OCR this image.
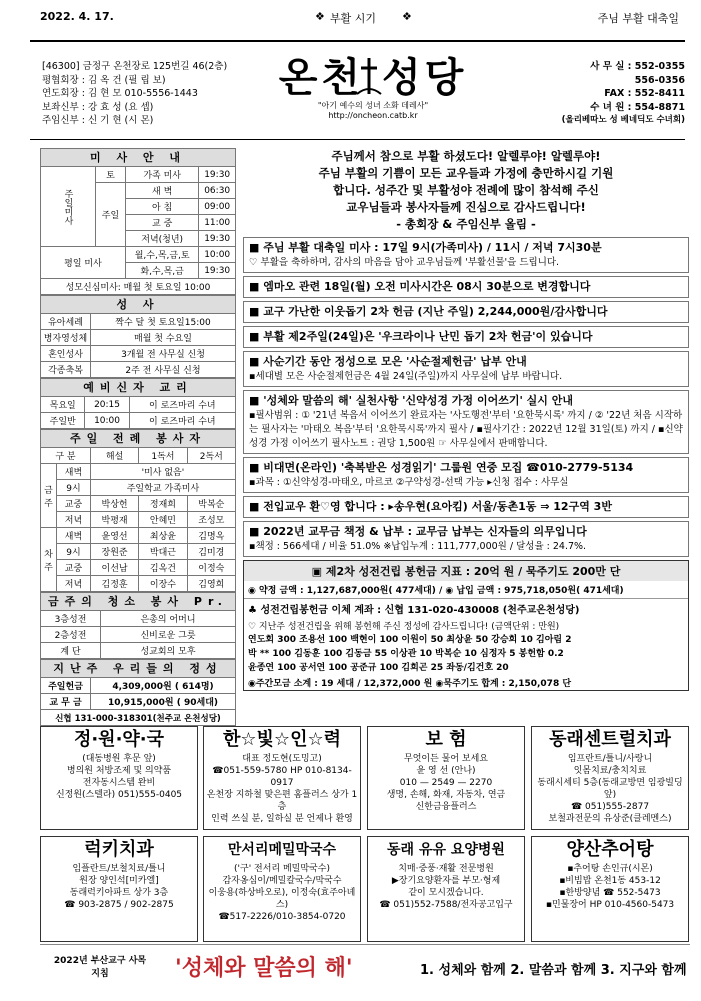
2022. 4. 17.	❖ 부활 시기 ❖	주님 부활 대축일
[46300] 금정구 온천장로 125번길 46(2층)
평협회장 : 김 옥 건 (필 립 보)
연도회장 : 김 현 모 010-5556-1443
보좌신부 : 강 효 성 (요 셉)
주임신부 : 신 기 현 (시 몬)
온천 성당
"아기 예수의 성녀 소화 데레사"
http://oncheon.catb.kr
사 무 실 : 552-0355
556-0356
FAX : 552-8411
수 녀 원 : 554-8871
(올리베따노 성 베네딕도 수녀회)
미 사 안 내
주일미사	토	가족 미사	19:30
	주일	새 벽	06:30
		아 침	09:00
		교 중	11:00
		저녁(청년)	19:30
평일 미사		월,수,목,금,토	10:00
		화,수,목,금	19:30
성모신심미사: 매월 첫 토요일 10:00			
성 사
유아세례	짝수 달 첫 토요일15:00
병자영성체	매월 첫 수요일
혼인성사	3개월 전 사무실 신청
각종축복	2주 전 사무실 신청
예비신자 교리
목요일	20:15	이 로즈마리 수녀
주일반	10:00	이 로즈마리 수녀
주일 전례 봉사자
구 분		해설	1독서	2독서
금주	새벽	'미사 없음'		
	9시	주일학교 가족미사		
	교중	박상헌	정재희	박복순
	저녁	박평재	안혜민	조성모
차주	새벽	윤영선	최상윤	김명옥
	9시	장원준	박대근	김미경
	교중	이선남	김옥건	이정숙
	저녁	김정훈	이장수	김영희
금주의 청소 봉사 Pr.
3층성전	은총의 어머니
2층성전	신비로운 그릇
계 단	성교회의 모후
지난주 우리들의 정성
주일헌금	4,309,000원 ( 614명)
교 무 금	10,915,000원 ( 90세대)
신협 131-000-318301(천주교 온천성당)	
주님께서 참으로 부활 하셨도다! 알렐루야! 알렐루야!
주님 부활의 기쁨이 모든 교우들과 가정에 충만하시길 기원
합니다. 성주간 및 부활성야 전례에 많이 참석해 주신
교우님들과 봉사자들께 진심으로 감사드립니다!
- 총회장 & 주임신부 올림 -
■ 주님 부활 대축일 미사 : 17일 9시(가족미사) / 11시 / 저녁 7시30분
♡ 부활을 축하하며, 감사의 마음을 담아 교우님들께 '부활선물'을 드립니다.
■ 엠마오 관련 18일(월) 오전 미사시간은 08시 30분으로 변경합니다
■ 교구 가난한 이웃돕기 2차 헌금 (지난 주일) 2,244,000원/감사합니다
■ 부활 제2주일(24일)은 '우크라이나 난민 돕기 2차 헌금'이 있습니다
■ 사순기간 동안 정성으로 모은 '사순절제헌금' 납부 안내
▪세대별 모은 사순절제헌금은 4월 24일(주일)까지 사무실에 납부 바랍니다.
■ '성체와 말씀의 해' 실천사항 '신약성경 가정 이어쓰기' 실시 안내
▪필사범위 : ① '21년 복음서 이어쓰기 완료자는 '사도행전'부터 '요한묵시록' 까지 / ② '22년 처음 시작하는 필사자는 '마태오 복음'부터 '요한묵시록'까지 필사 / ▪필사기간 : 2022년 12월 31일(토) 까지 / ▪신약성경 가정 이어쓰기 필사노트 : 권당 1,500원 ☞ 사무실에서 판매합니다.
■ 비대면(온라인) '축복받은 성경읽기' 그룹원 연중 모집 ☎010-2779-5134
▪과목 : ①신약성경-마태오, 마르코 ②구약성경-선택 가능 ▸신청 접수 : 사무실
■ 전입교우 환♡영 합니다 : ▸송우현(요아킴) 서울/동촌1동 ⇒ 12구역 3반
■ 2022년 교무금 책정 & 납부 : 교무금 납부는 신자들의 의무입니다
▪책정 : 566세대 / 비율 51.0% ※납입누계 : 111,777,000원 / 달성율 : 24.7%.
▣ 제2차 성전건립 봉헌금 지표 : 20억 원 / 묵주기도 200만 단
◉ 약정 금액 : 1,127,687,000원( 477세대) / ◉ 납입 금액 : 975,718,050원( 471세대)
♣ 성전건립봉헌금 이체 계좌 : 신협 131-020-430008 (천주교온천성당)
♡ 지난주 성전건립을 위해 봉헌해 주신 정성에 감사드립니다! (금액단위 : 만원)
연도회 300 조용선 100 백현이 100 이원이 50 최상윤 50 강승희 10 김아림 2
박 ** 100 김동훈 100 김동금 55 이상관 10 박복순 10 심정자 5 봉헌함 0.2
윤종연 100 공서연 100 공준규 100 김희곤 25 좌동/김건호 20
◉주간모금 소계 : 19 세대 / 12,372,000 원 ◉묵주기도 합계 : 2,150,078 단
정·원·약·국
(대동병원 후문 앞)
병의원 처방조제 및 의약품
전자동시스템 완비
신정원(스텔라) 051)555-0405
한☆빛☆인☆력
대표 정도현(도밍고)
☎051-559-5780 HP 010-8134-0917
온천장 지하철 맞은편 홈플러스 상가 1층
인력 쓰실 분, 일하실 분 언제나 환영
보 험
무엇이든 물어 보세요
윤 영 선 (안나)
010 — 2549 — 2270
생명, 손해, 화재, 자동차, 연금
신한금융플러스
동래센트럴치과
임프란트/틀니/사랑니
잇몸치료/충치치료
동래시세티 5층(동래교방면 임광빌딩앞)
☎ 051)555-2877
보철과전문의 유상준(클레멘스)
럭키치과
임플란트/보철치료/틀니
원장 양인석[미카엘]
동래럭키아파트 상가 3층
☎ 903-2875 / 902-2875
만서리메밀막국수
('구' 전서리 메밀막국수)
감자옹심이/메밀칼국수/막국수
이웅용(하상바오로), 이정숙(효주아녜스)
☎517-2226/010-3854-0720
동래 유유 요양병원
치매·중풍·재활 전문병원
▶장기요양환자를 부모·형제
같이 모시겠습니다.
☎ 051)552-7588/전자공고입구
양산추어탕
▪추어탕 손인규(시몬)
▪비빔밥 온천1동 453-12
▪한방양념 ☎ 552-5473
▪민물장어 HP 010-4560-5473
2022년 부산교구 사목지침	'성체와 말씀의 해'	1. 성체와 함께 2. 말씀과 함께 3. 지구와 함께
